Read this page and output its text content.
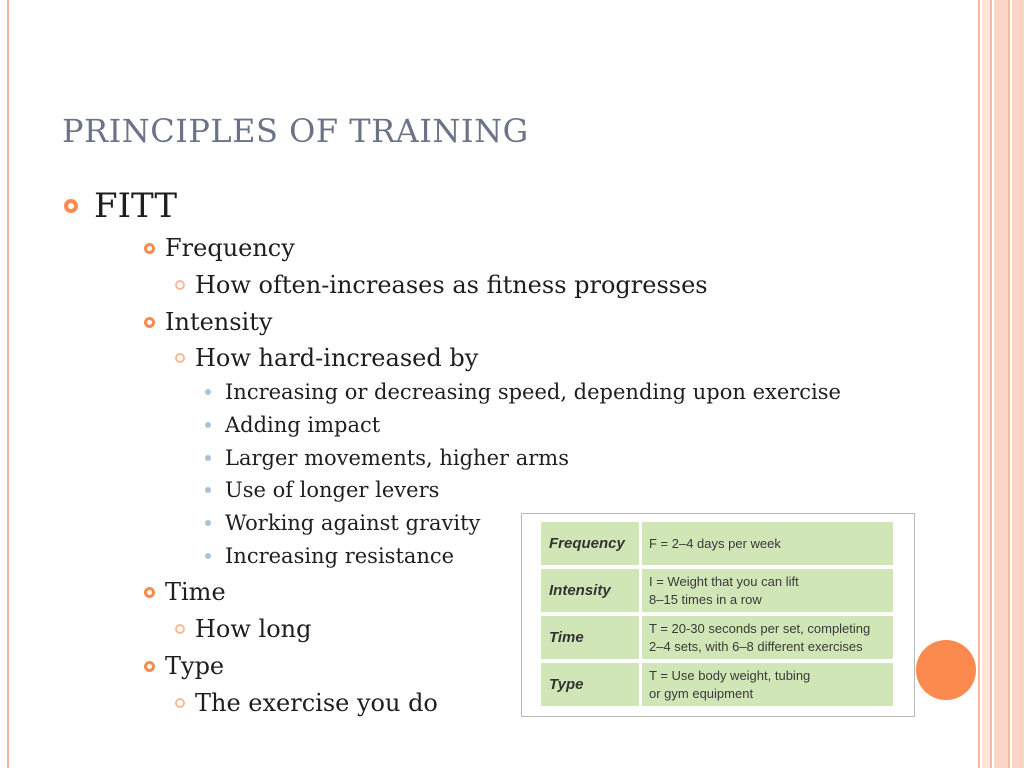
PRINCIPLES OF TRAINING
FITT
Frequency
How often-increases as fitness progresses
Intensity
How hard-increased by
Increasing or decreasing speed, depending upon exercise
Adding impact
Larger movements, higher arms
Use of longer levers
Working against gravity
Increasing resistance
Time
How long
Type
The exercise you do
Frequency	F = 2–4 days per week
Intensity
I = Weight that you can lift
8–15 times in a row
Time
T = 20-30 seconds per set, completing
2–4 sets, with 6–8 different exercises
Type
T = Use body weight, tubing
or gym equipment
